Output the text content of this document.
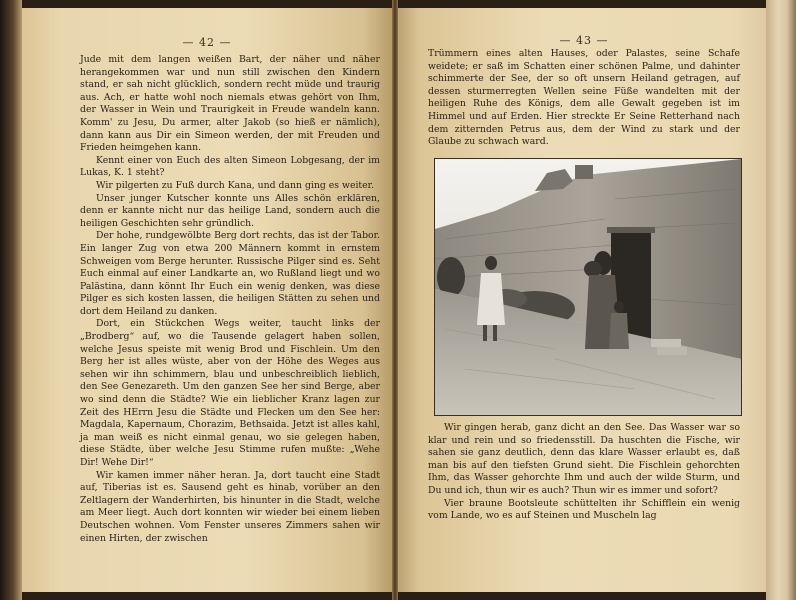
— 42 —

Jude mit dem langen weißen Bart, der näher und näher herangekommen war und nun still zwischen den Kindern stand, er sah nicht glücklich, sondern recht müde und traurig aus. Ach, er hatte wohl noch niemals etwas gehört von Ihm, der Wasser in Wein und Traurigkeit in Freude wandeln kann. Komm' zu Jesu, Du armer, alter Jakob (so hieß er nämlich), dann kann aus Dir ein Simeon werden, der mit Freuden und Frieden heimgehen kann.

Kennt einer von Euch des alten Simeon Lobgesang, der im Lukas, K. 1 steht?

Wir pilgerten zu Fuß durch Kana, und dann ging es weiter.

Unser junger Kutscher konnte uns Alles schön erklären, denn er kannte nicht nur das heilige Land, sondern auch die heiligen Geschichten sehr gründlich.

Der hohe, rundgewölbte Berg dort rechts, das ist der Tabor. Ein langer Zug von etwa 200 Männern kommt in ernstem Schweigen vom Berge herunter. Russische Pilger sind es. Seht Euch einmal auf einer Landkarte an, wo Rußland liegt und wo Palästina, dann könnt Ihr Euch ein wenig denken, was diese Pilger es sich kosten lassen, die heiligen Stätten zu sehen und dort dem Heiland zu danken.

Dort, ein Stückchen Wegs weiter, taucht links der „Brodberg“ auf, wo die Tausende gelagert haben sollen, welche Jesus speiste mit wenig Brod und Fischlein. Um den Berg her ist alles wüste, aber von der Höhe des Weges aus sehen wir ihn schimmern, blau und unbeschreiblich lieblich, den See Genezareth. Um den ganzen See her sind Berge, aber wo sind denn die Städte? Wie ein lieblicher Kranz lagen zur Zeit des HErrn Jesu die Städte und Flecken um den See her: Magdala, Kapernaum, Chorazim, Bethsaida. Jetzt ist alles kahl, ja man weiß es nicht einmal genau, wo sie gelegen haben, diese Städte, über welche Jesu Stimme rufen mußte: „Wehe Dir! Wehe Dir!“

Wir kamen immer näher heran. Ja, dort taucht eine Stadt auf, Tiberias ist es. Sausend geht es hinab, vorüber an den Zeltlagern der Wanderhirten, bis hinunter in die Stadt, welche am Meer liegt. Auch dort konnten wir wieder bei einem lieben Deutschen wohnen. Vom Fenster unseres Zimmers sahen wir einen Hirten, der zwischen

— 43 —

Trümmern eines alten Hauses, oder Palastes, seine Schafe weidete; er saß im Schatten einer schönen Palme, und dahinter schimmerte der See, der so oft unsern Heiland getragen, auf dessen sturmerregten Wellen seine Füße wandelten mit der heiligen Ruhe des Königs, dem alle Gewalt gegeben ist im Himmel und auf Erden. Hier streckte Er Seine Retterhand nach dem zitternden Petrus aus, dem der Wind zu stark und der Glaube zu schwach ward.

Wir gingen herab, ganz dicht an den See. Das Wasser war so klar und rein und so friedensstill. Da huschten die Fische, wir sahen sie ganz deutlich, denn das klare Wasser erlaubt es, daß man bis auf den tiefsten Grund sieht. Die Fischlein gehorchten Ihm, das Wasser gehorchte Ihm und auch der wilde Sturm, und Du und ich, thun wir es auch? Thun wir es immer und sofort?

Vier braune Bootsleute schüttelten ihr Schifflein ein wenig vom Lande, wo es auf Steinen und Muscheln lag
